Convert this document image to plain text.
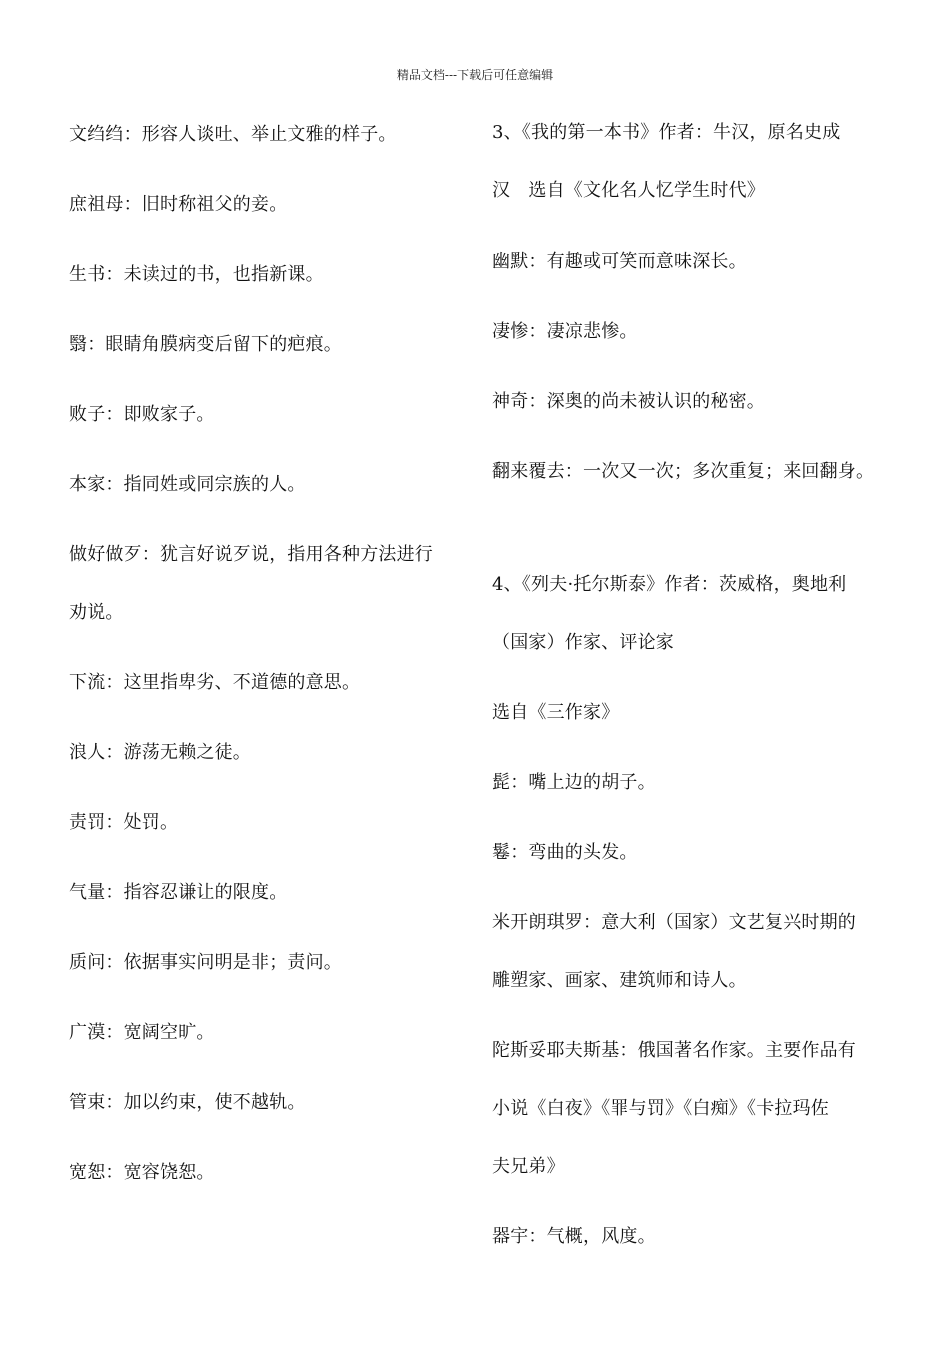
精品文档---下载后可任意编辑
文绉绉：形容人谈吐、举止文雅的样子。
庶祖母：旧时称祖父的妾。
生书：未读过的书，也指新课。
翳：眼睛角膜病变后留下的疤痕。
败子：即败家子。
本家：指同姓或同宗族的人。
做好做歹：犹言好说歹说，指用各种方法进行
劝说。
下流：这里指卑劣、不道德的意思。
浪人：游荡无赖之徒。
责罚：处罚。
气量：指容忍谦让的限度。
质问：依据事实问明是非；责问。
广漠：宽阔空旷。
管束：加以约束，使不越轨。
宽恕：宽容饶恕。
3、《我的第一本书》作者：牛汉，原名史成
汉　选自《文化名人忆学生时代》
幽默：有趣或可笑而意味深长。
凄惨：凄凉悲惨。
神奇：深奥的尚未被认识的秘密。
翻来覆去：一次又一次；多次重复；来回翻身。
4、《列夫·托尔斯泰》作者：茨威格，奥地利
（国家）作家、评论家
选自《三作家》
髭：嘴上边的胡子。
鬈：弯曲的头发。
米开朗琪罗：意大利（国家）文艺复兴时期的
雕塑家、画家、建筑师和诗人。
陀斯妥耶夫斯基：俄国著名作家。主要作品有
小说《白夜》《罪与罚》《白痴》《卡拉玛佐
夫兄弟》
器宇：气概，风度。
